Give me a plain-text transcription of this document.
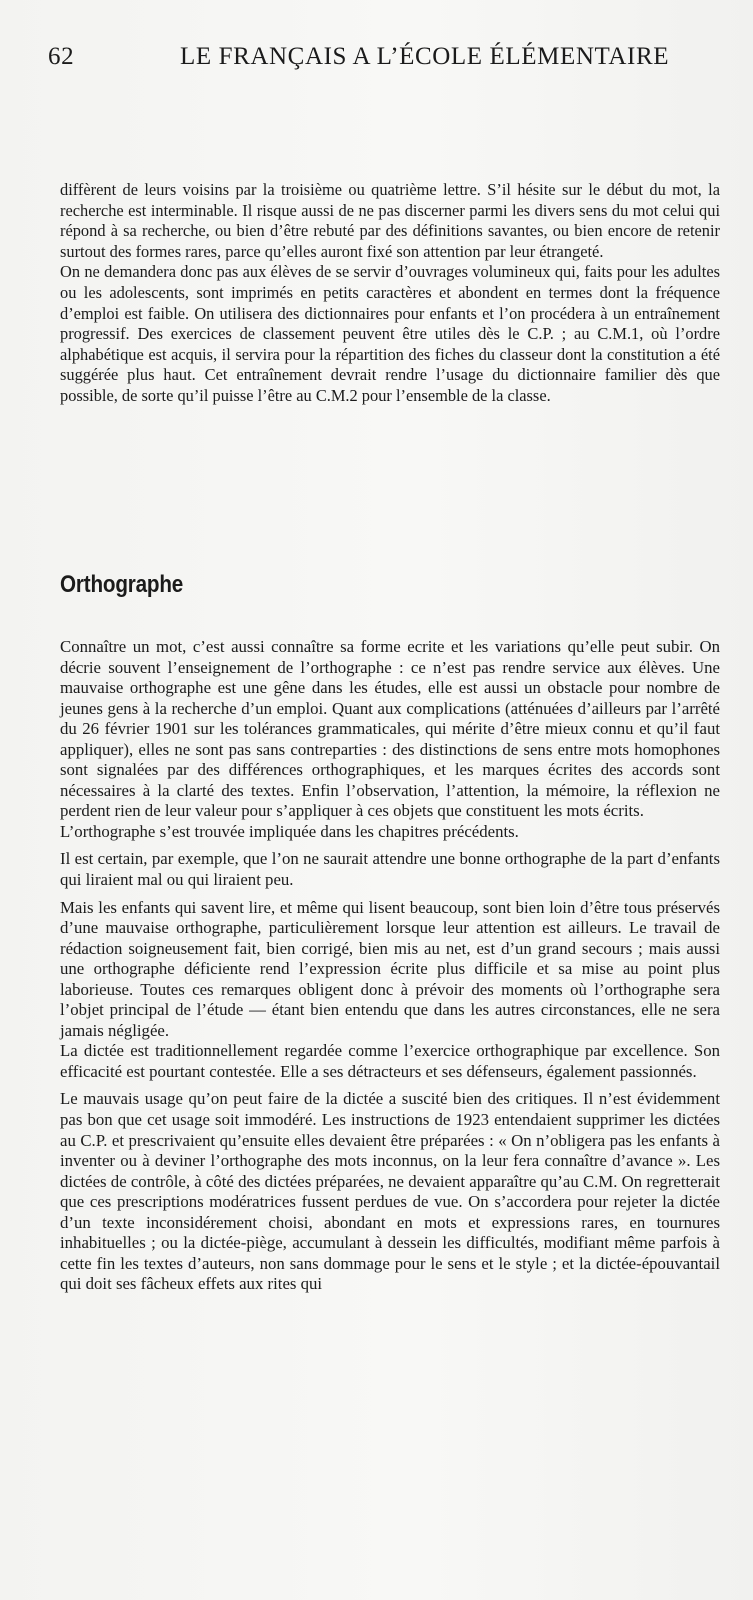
62	LE FRANÇAIS A L’ÉCOLE ÉLÉMENTAIRE

diffèrent de leurs voisins par la troisième ou quatrième lettre. S’il hésite sur le début du mot, la recherche est interminable. Il risque aussi de ne pas discerner parmi les divers sens du mot celui qui répond à sa recherche, ou bien d’être rebuté par des définitions savantes, ou bien encore de retenir surtout des formes rares, parce qu’elles auront fixé son attention par leur étrangeté.

On ne demandera donc pas aux élèves de se servir d’ouvrages volumineux qui, faits pour les adultes ou les adolescents, sont imprimés en petits caractères et abondent en termes dont la fréquence d’emploi est faible. On utilisera des dictionnaires pour enfants et l’on procédera à un entraînement progressif. Des exercices de classement peuvent être utiles dès le C.P. ; au C.M.1, où l’ordre alphabétique est acquis, il servira pour la répartition des fiches du classeur dont la constitution a été suggérée plus haut. Cet entraînement devrait rendre l’usage du dictionnaire familier dès que possible, de sorte qu’il puisse l’être au C.M.2 pour l’ensemble de la classe.

Orthographe

Connaître un mot, c’est aussi connaître sa forme ecrite et les variations qu’elle peut subir. On décrie souvent l’enseignement de l’orthographe : ce n’est pas rendre service aux élèves. Une mauvaise orthographe est une gêne dans les études, elle est aussi un obstacle pour nombre de jeunes gens à la recherche d’un emploi. Quant aux complications (atténuées d’ailleurs par l’arrêté du 26 février 1901 sur les tolérances grammaticales, qui mérite d’être mieux connu et qu’il faut appliquer), elles ne sont pas sans contreparties : des distinctions de sens entre mots homophones sont signalées par des différences orthographiques, et les marques écrites des accords sont nécessaires à la clarté des textes. Enfin l’observation, l’attention, la mémoire, la réflexion ne perdent rien de leur valeur pour s’appliquer à ces objets que constituent les mots écrits.

L’orthographe s’est trouvée impliquée dans les chapitres précédents.

Il est certain, par exemple, que l’on ne saurait attendre une bonne orthographe de la part d’enfants qui liraient mal ou qui liraient peu.

Mais les enfants qui savent lire, et même qui lisent beaucoup, sont bien loin d’être tous préservés d’une mauvaise orthographe, particulièrement lorsque leur attention est ailleurs. Le travail de rédaction soigneusement fait, bien corrigé, bien mis au net, est d’un grand secours ; mais aussi une orthographe déficiente rend l’expression écrite plus difficile et sa mise au point plus laborieuse. Toutes ces remarques obligent donc à prévoir des moments où l’orthographe sera l’objet principal de l’étude — étant bien entendu que dans les autres circonstances, elle ne sera jamais négligée.

La dictée est traditionnellement regardée comme l’exercice orthographique par excellence. Son efficacité est pourtant contestée. Elle a ses détracteurs et ses défenseurs, également passionnés.

Le mauvais usage qu’on peut faire de la dictée a suscité bien des critiques. Il n’est évidemment pas bon que cet usage soit immodéré. Les instructions de 1923 entendaient supprimer les dictées au C.P. et prescrivaient qu’ensuite elles devaient être préparées : « On n’obligera pas les enfants à inventer ou à deviner l’orthographe des mots inconnus, on la leur fera connaître d’avance ». Les dictées de contrôle, à côté des dictées préparées, ne devaient apparaître qu’au C.M. On regretterait que ces prescriptions modératrices fussent perdues de vue. On s’accordera pour rejeter la dictée d’un texte inconsidérement choisi, abondant en mots et expressions rares, en tournures inhabituelles ; ou la dictée-piège, accumulant à dessein les difficultés, modifiant même parfois à cette fin les textes d’auteurs, non sans dommage pour le sens et le style ; et la dictée-épouvantail qui doit ses fâcheux effets aux rites qui
